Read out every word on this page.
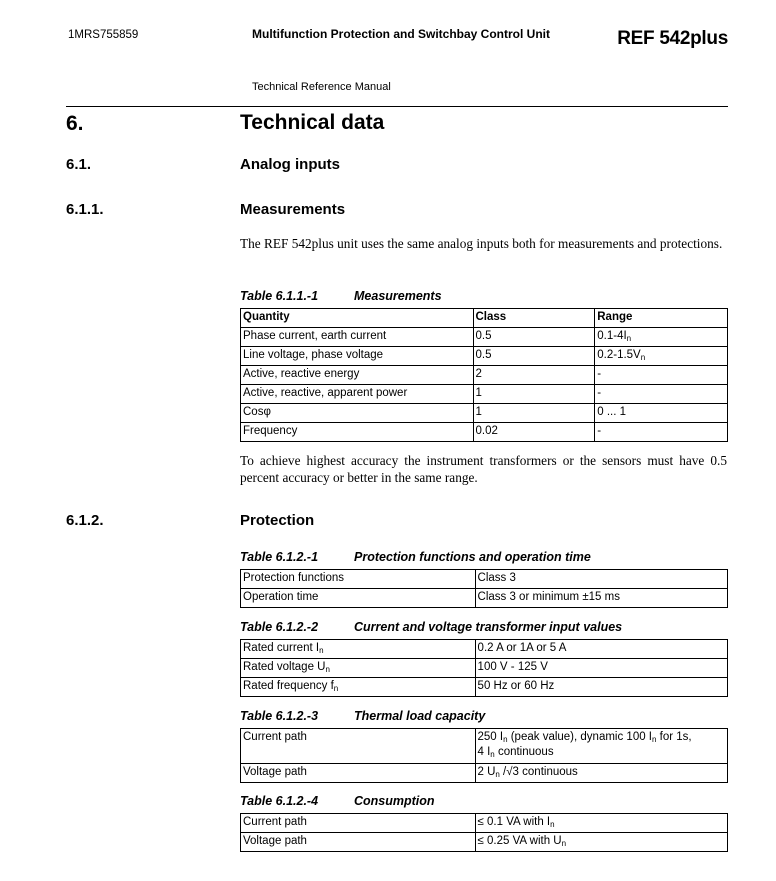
1MRS755859	Multifunction Protection and Switchbay Control Unit	REF 542plus
Technical Reference Manual
6.	Technical data
6.1.	Analog inputs
6.1.1.	Measurements
The REF 542plus unit uses the same analog inputs both for measurements and protections.
Table 6.1.1.-1	Measurements
Quantity	Class	Range
Phase current, earth current	0.5	$0.1-4I_n$
Line voltage, phase voltage	0.5	$0.2-1.5V_n$
Active, reactive energy	2	-
Active, reactive, apparent power	1	-
Cosφ	1	0 ... 1
Frequency	0.02	-
To achieve highest accuracy the instrument transformers or the sensors must have 0.5 percent accuracy or better in the same range.
6.1.2.	Protection
Table 6.1.2.-1	Protection functions and operation time
Protection functions	Class 3
Operation time	Class 3 or minimum ±15 ms
Table 6.1.2.-2	Current and voltage transformer input values
Rated current $I_n$	0.2 A or 1A or 5 A
Rated voltage $U_n$	100 V - 125 V
Rated frequency $f_n$	50 Hz or 60 Hz
Table 6.1.2.-3	Thermal load capacity
Current path	250 $I_n$ (peak value), dynamic 100 $I_n$ for 1s,
4 $I_n$ continuous
Voltage path	2 $U_n$ /√3 continuous
Table 6.1.2.-4	Consumption
Current path	≤ 0.1 VA with $I_n$
Voltage path	≤ 0.25 VA with $U_n$
